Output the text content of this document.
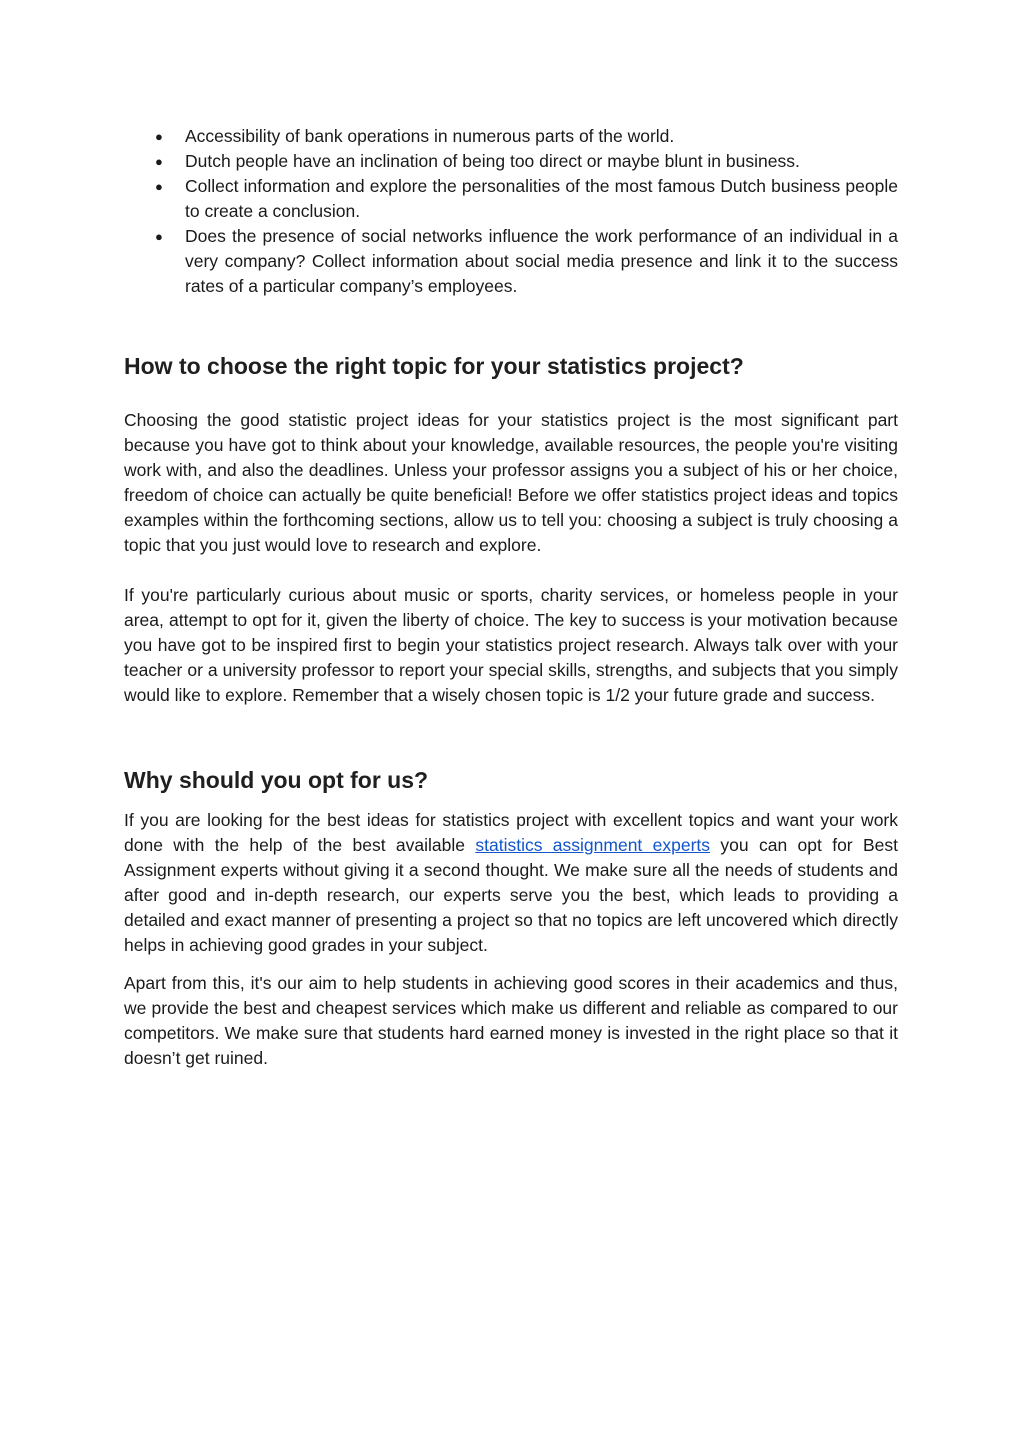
● Accessibility of bank operations in numerous parts of the world.
● Dutch people have an inclination of being too direct or maybe blunt in business.
● Collect information and explore the personalities of the most famous Dutch business people to create a conclusion.
● Does the presence of social networks influence the work performance of an individual in a very company? Collect information about social media presence and link it to the success rates of a particular company’s employees.
How to choose the right topic for your statistics project?

Choosing the good statistic project ideas for your statistics project is the most significant part because you have got to think about your knowledge, available resources, the people you're visiting work with, and also the deadlines. Unless your professor assigns you a subject of his or her choice, freedom of choice can actually be quite beneficial! Before we offer statistics project ideas and topics examples within the forthcoming sections, allow us to tell you: choosing a subject is truly choosing a topic that you just would love to research and explore.

If you're particularly curious about music or sports, charity services, or homeless people in your area, attempt to opt for it, given the liberty of choice. The key to success is your motivation because you have got to be inspired first to begin your statistics project research. Always talk over with your teacher or a university professor to report your special skills, strengths, and subjects that you simply would like to explore. Remember that a wisely chosen topic is 1/2 your future grade and success.

Why should you opt for us?

If you are looking for the best ideas for statistics project with excellent topics and want your work done with the help of the best available statistics assignment experts you can opt for Best Assignment experts without giving it a second thought. We make sure all the needs of students and after good and in-depth research, our experts serve you the best, which leads to providing a detailed and exact manner of presenting a project so that no topics are left uncovered which directly helps in achieving good grades in your subject.

Apart from this, it's our aim to help students in achieving good scores in their academics and thus, we provide the best and cheapest services which make us different and reliable as compared to our competitors. We make sure that students hard earned money is invested in the right place so that it doesn’t get ruined.
